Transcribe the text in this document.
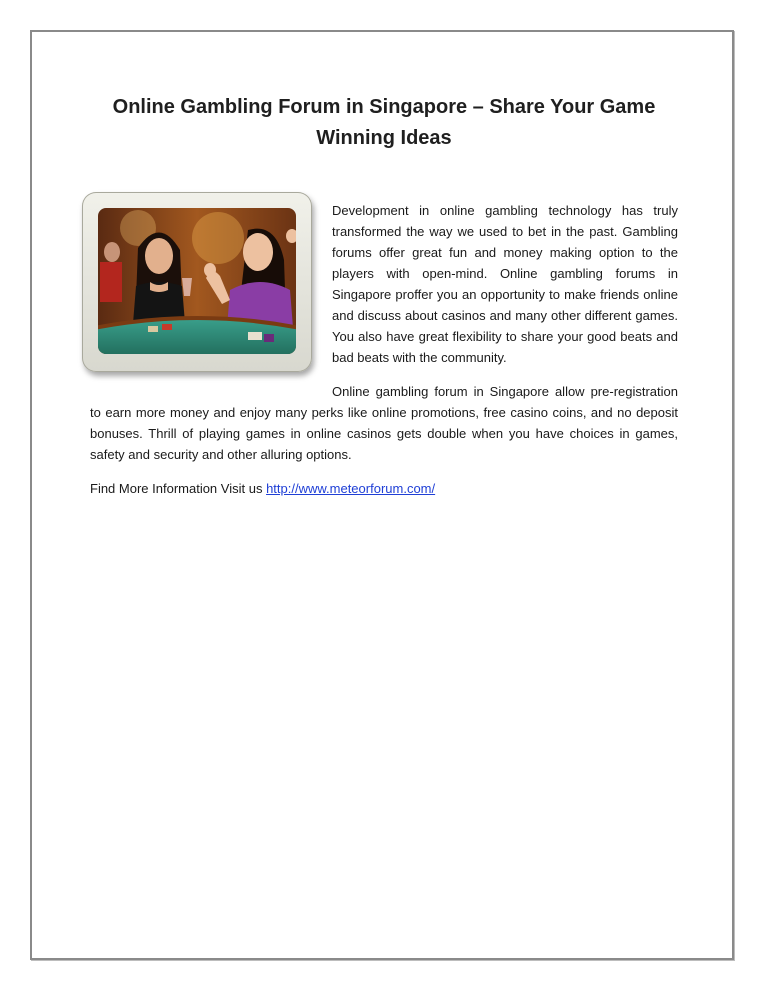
Online Gambling Forum in Singapore – Share Your Game Winning Ideas

Development in online gambling technology has truly transformed the way we used to bet in the past. Gambling forums offer great fun and money making option to the players with open-mind. Online gambling forums in Singapore proffer you an opportunity to make friends online and discuss about casinos and many other different games. You also have great flexibility to share your good beats and bad beats with the community.

Online gambling forum in Singapore allow pre-registration to earn more money and enjoy many perks like online promotions, free casino coins, and no deposit bonuses. Thrill of playing games in online casinos gets double when you have choices in games, safety and security and other alluring options.

Find More Information Visit us http://www.meteorforum.com/
